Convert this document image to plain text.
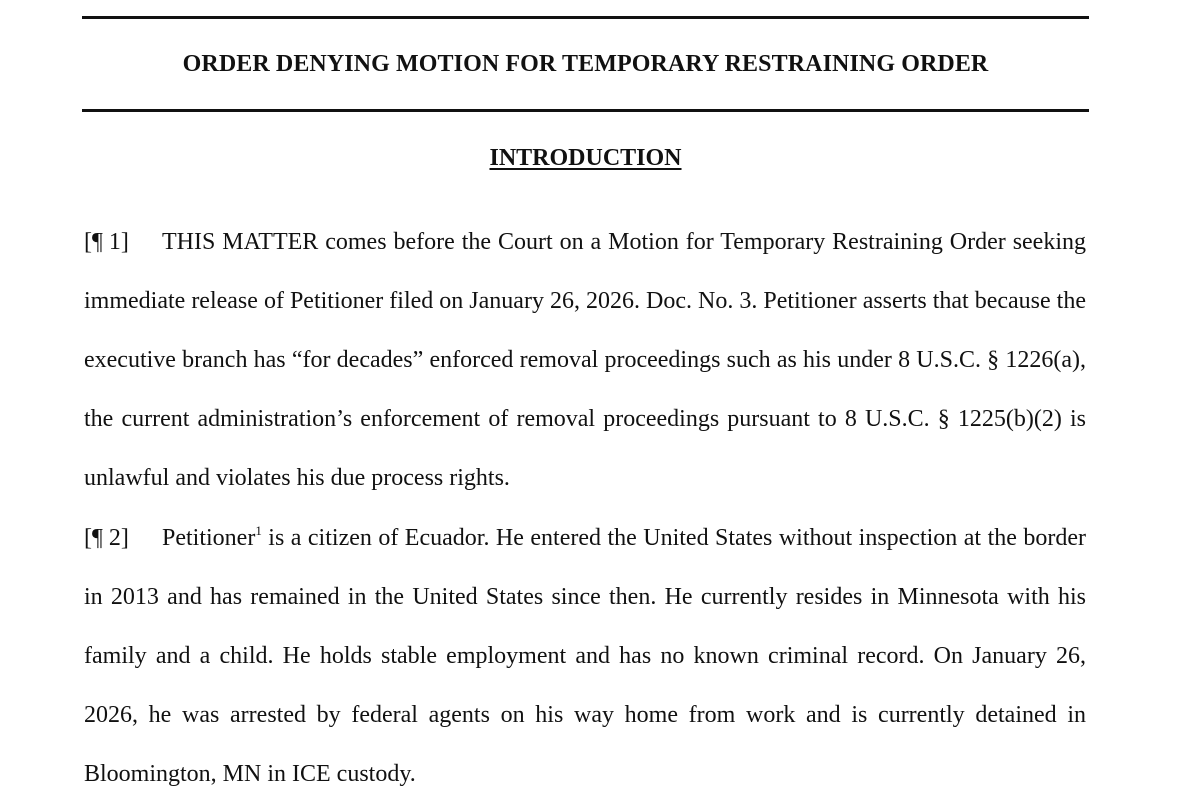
ORDER DENYING MOTION FOR TEMPORARY RESTRAINING ORDER
INTRODUCTION

[¶ 1] THIS MATTER comes before the Court on a Motion for Temporary Restraining Order seeking immediate release of Petitioner filed on January 26, 2026. Doc. No. 3. Petitioner asserts that because the executive branch has “for decades” enforced removal proceedings such as his under 8 U.S.C. § 1226(a), the current administration’s enforcement of removal proceedings pursuant to 8 U.S.C. § 1225(b)(2) is unlawful and violates his due process rights.

[¶ 2] Petitioner$^1$ is a citizen of Ecuador. He entered the United States without inspection at the border in 2013 and has remained in the United States since then. He currently resides in Minnesota with his family and a child. He holds stable employment and has no known criminal record. On January 26, 2026, he was arrested by federal agents on his way home from work and is currently detained in Bloomington, MN in ICE custody.
